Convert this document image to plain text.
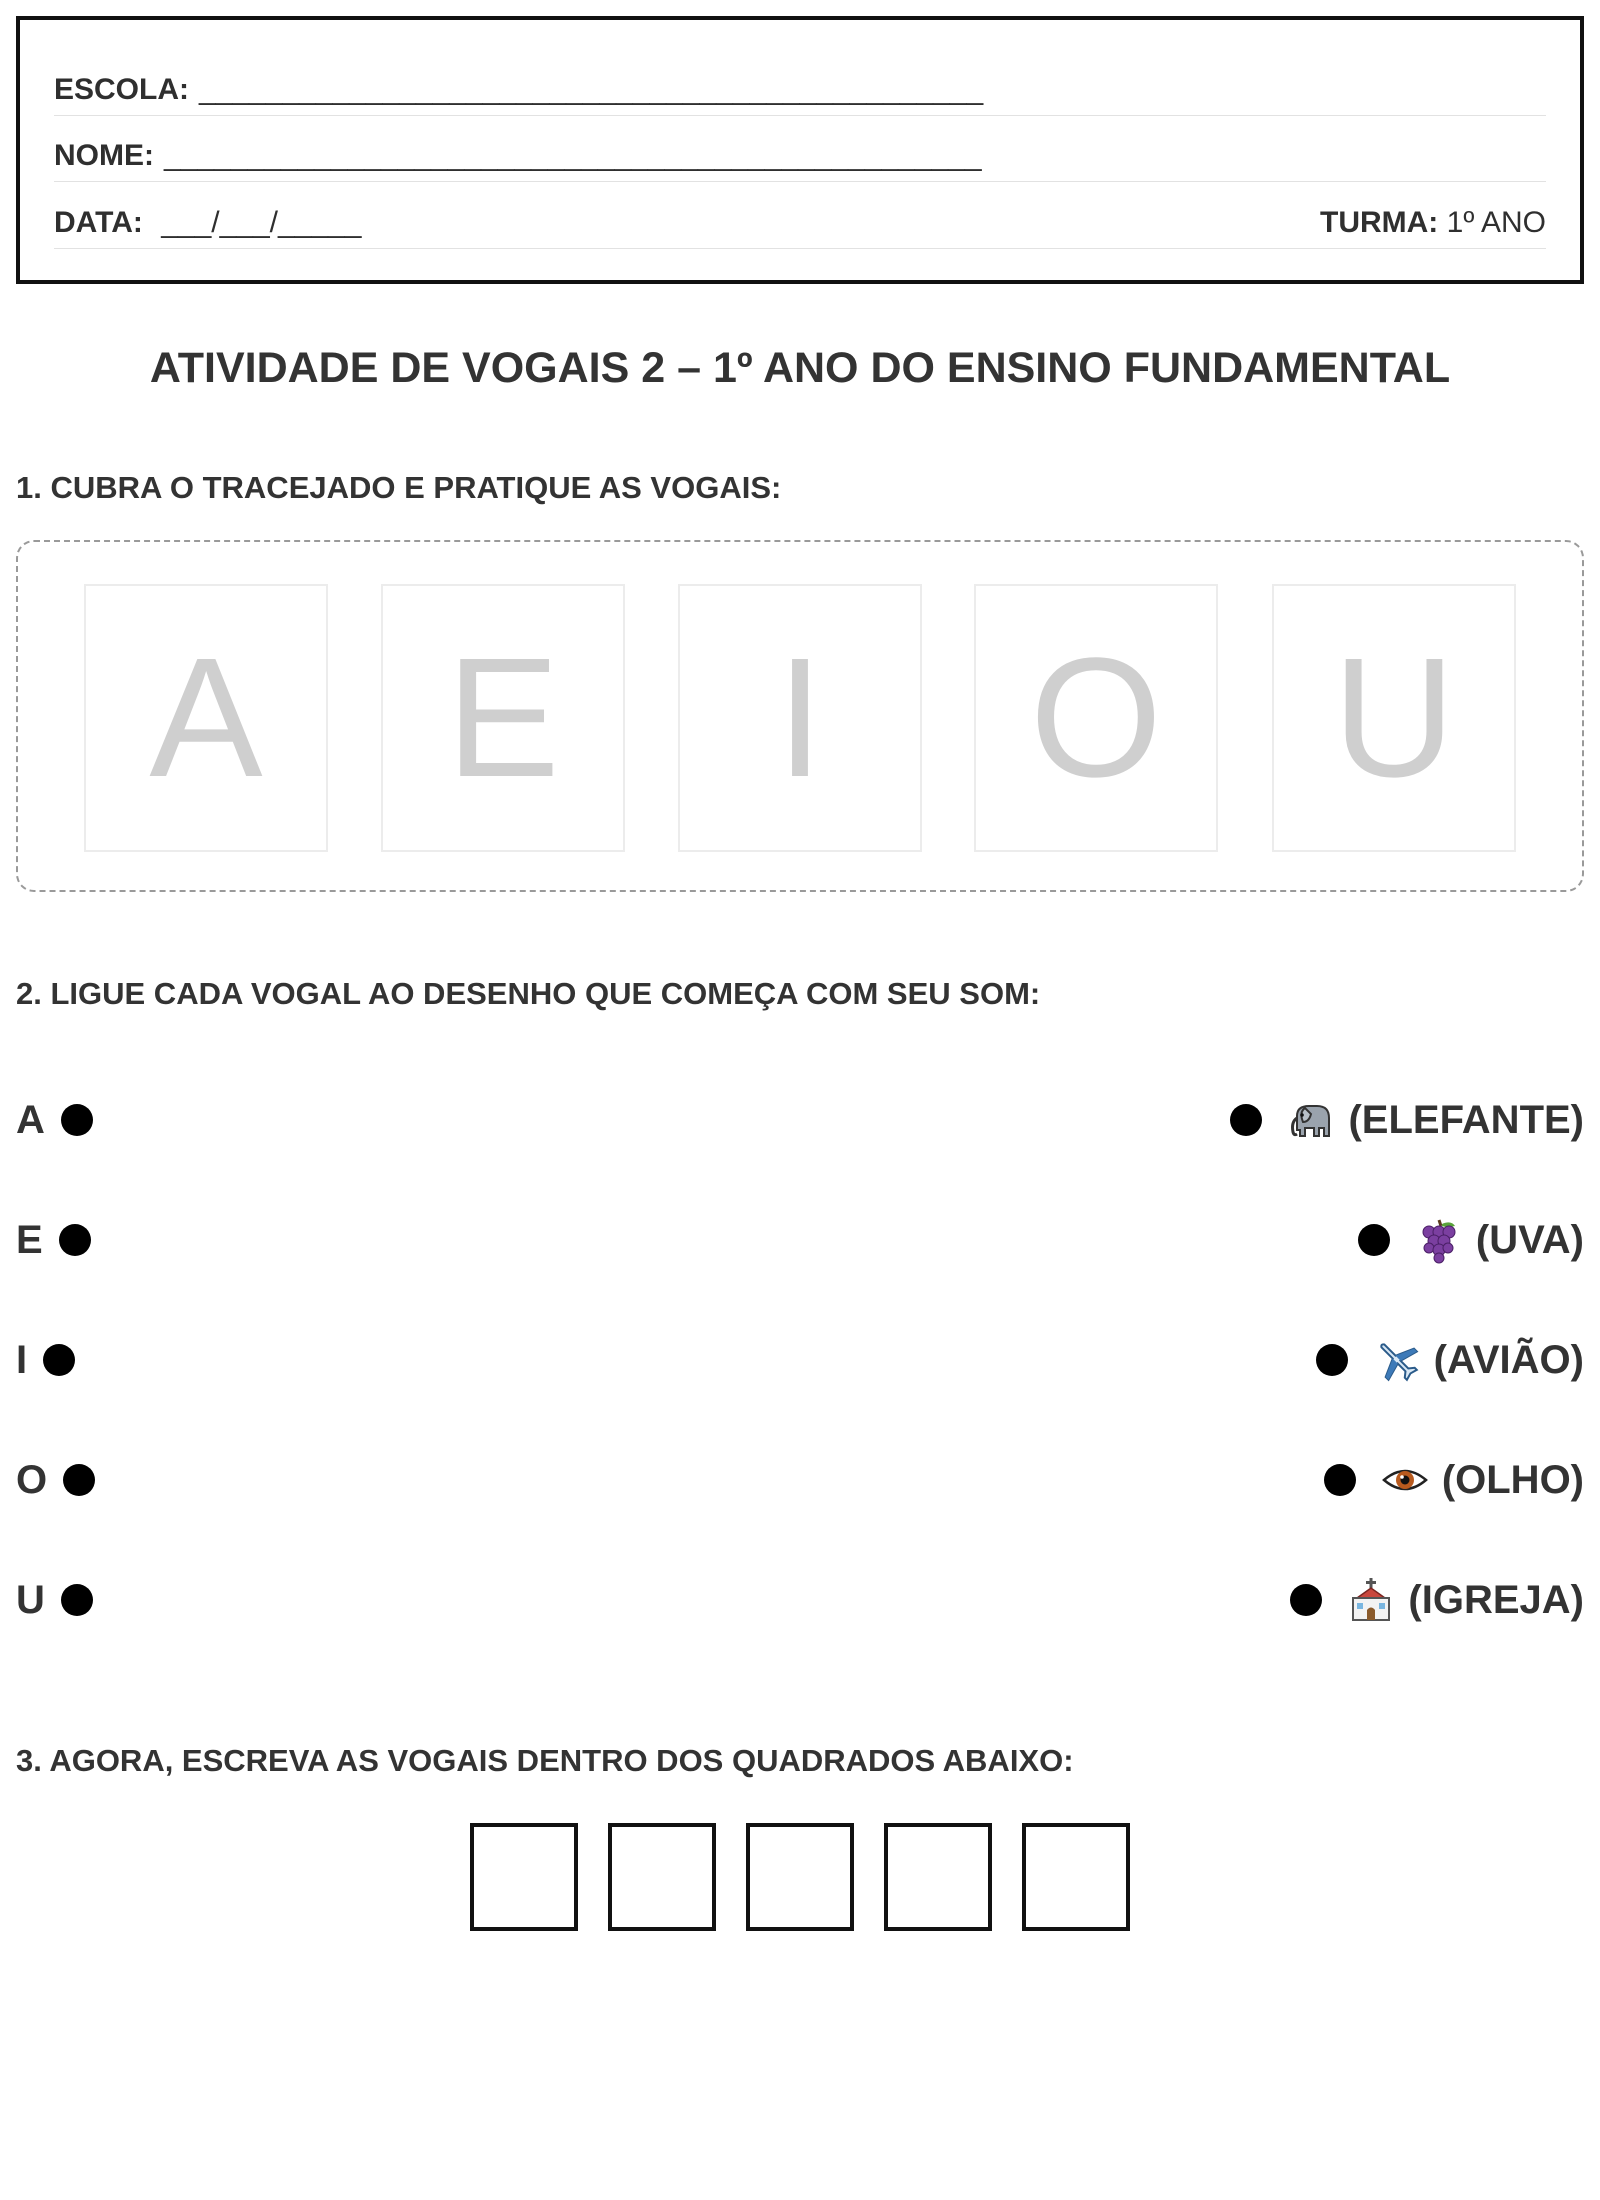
ESCOLA: _______________________________________________
NOME: _________________________________________________
DATA: ___/___/_____	TURMA: 1º ANO
ATIVIDADE DE VOGAIS 2 – 1º ANO DO ENSINO FUNDAMENTAL
1. CUBRA O TRACEJADO E PRATIQUE AS VOGAIS:
A	E	I	O	U
2. LIGUE CADA VOGAL AO DESENHO QUE COMEÇA COM SEU SOM:
A	(ELEFANTE)
E	(UVA)
I	(AVIÃO)
O	(OLHO)
U	(IGREJA)
3. AGORA, ESCREVA AS VOGAIS DENTRO DOS QUADRADOS ABAIXO:
